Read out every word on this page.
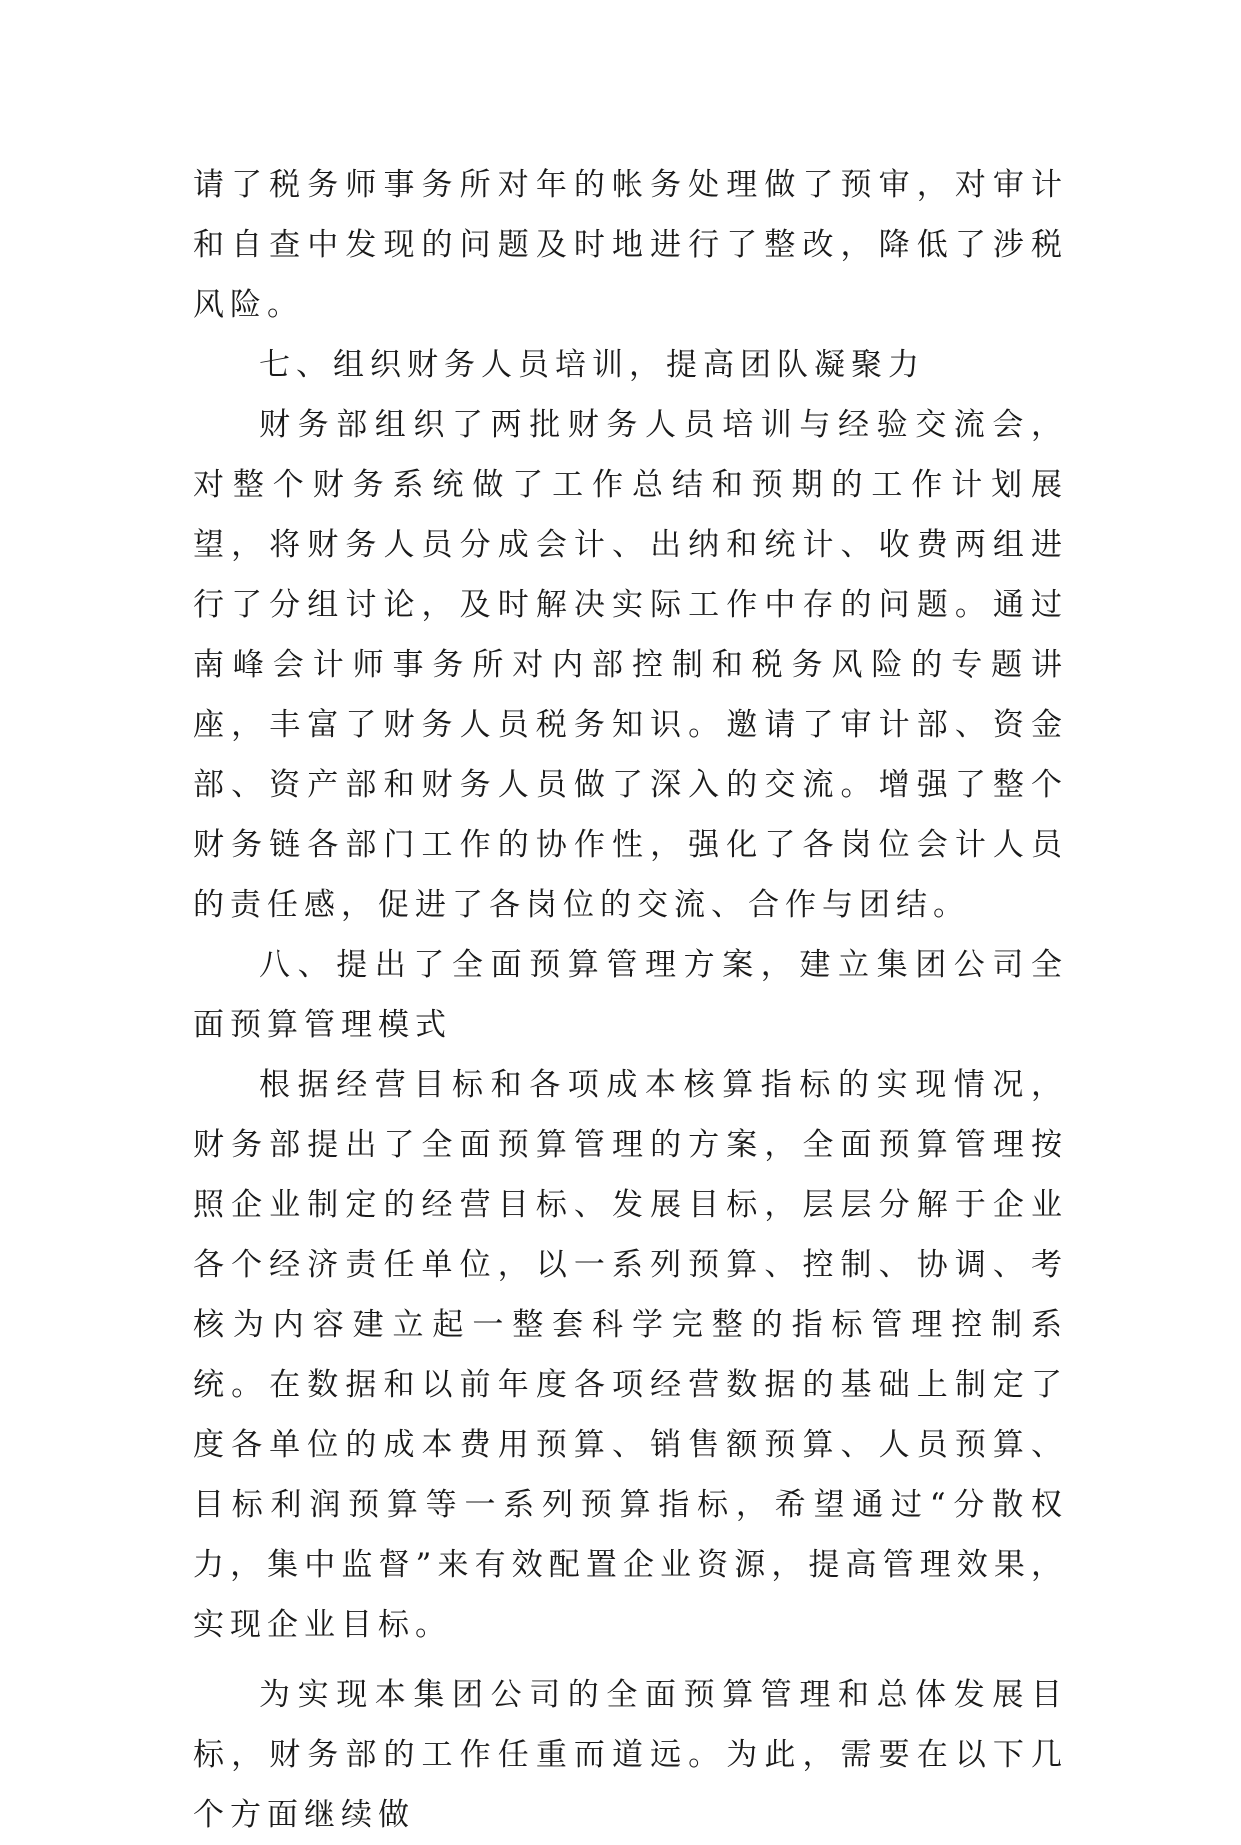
请了税务师事务所对年的帐务处理做了预审，对审计和自查中发现的问题及时地进行了整改，降低了涉税风险。

七、组织财务人员培训，提高团队凝聚力

财务部组织了两批财务人员培训与经验交流会，对整个财务系统做了工作总结和预期的工作计划展望，将财务人员分成会计、出纳和统计、收费两组进行了分组讨论，及时解决实际工作中存的问题。通过南峰会计师事务所对内部控制和税务风险的专题讲座，丰富了财务人员税务知识。邀请了审计部、资金部、资产部和财务人员做了深入的交流。增强了整个财务链各部门工作的协作性，强化了各岗位会计人员的责任感，促进了各岗位的交流、合作与团结。

八、提出了全面预算管理方案，建立集团公司全面预算管理模式

根据经营目标和各项成本核算指标的实现情况，财务部提出了全面预算管理的方案，全面预算管理按照企业制定的经营目标、发展目标，层层分解于企业各个经济责任单位，以一系列预算、控制、协调、考核为内容建立起一整套科学完整的指标管理控制系统。在数据和以前年度各项经营数据的基础上制定了度各单位的成本费用预算、销售额预算、人员预算、目标利润预算等一系列预算指标，希望通过“分散权力，集中监督”来有效配置企业资源，提高管理效果，实现企业目标。

为实现本集团公司的全面预算管理和总体发展目标，财务部的工作任重而道远。为此，需要在以下几个方面继续做
